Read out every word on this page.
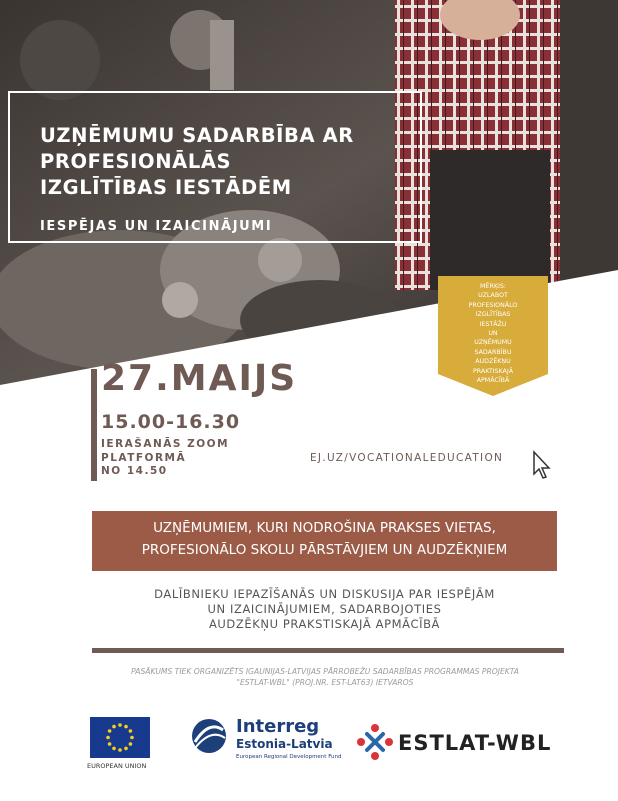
UZŅĒMUMU SADARBĪBA AR
PROFESIONĀLĀS
IZGLĪTĪBAS IESTĀDĒM
IESPĒJAS UN IZAICINĀJUMI
MĒRĶIS:
UZLABOT
PROFESIONĀLO
IZGLĪTĪBAS
IESTĀŽU
UN
UZŅĒMUMU
SADARBĪBU
AUDZĒKŅU
PRAKTISKAJĀ
APMĀCĪBĀ
27.MAIJS
15.00-16.30
IERAŠANĀS ZOOM
PLATFORMĀ
NO 14.50
EJ.UZ/VOCATIONALEDUCATION
UZŅĒMUMIEM, KURI NODROŠINA PRAKSES VIETAS,
PROFESIONĀLO SKOLU PĀRSTĀVJIEM UN AUDZĒKŅIEM
DALĪBNIEKU IEPAZĪŠANĀS UN DISKUSIJA PAR IESPĒJĀM
UN IZAICINĀJUMIEM, SADARBOJOTIES
AUDZĒKŅU PRAKSTISKAJĀ APMĀCĪBĀ
PASĀKUMS TIEK ORGANIZĒTS IGAUNIJAS-LATVIJAS PĀRROBEŽU SADARBĪBAS PROGRAMMAS PROJEKTA
"ESTLAT-WBL" (PROJ.NR. EST-LAT63) IETVAROS
EUROPEAN UNION
Interreg
Estonia-Latvia
European Regional Development Fund
ESTLAT-WBL
